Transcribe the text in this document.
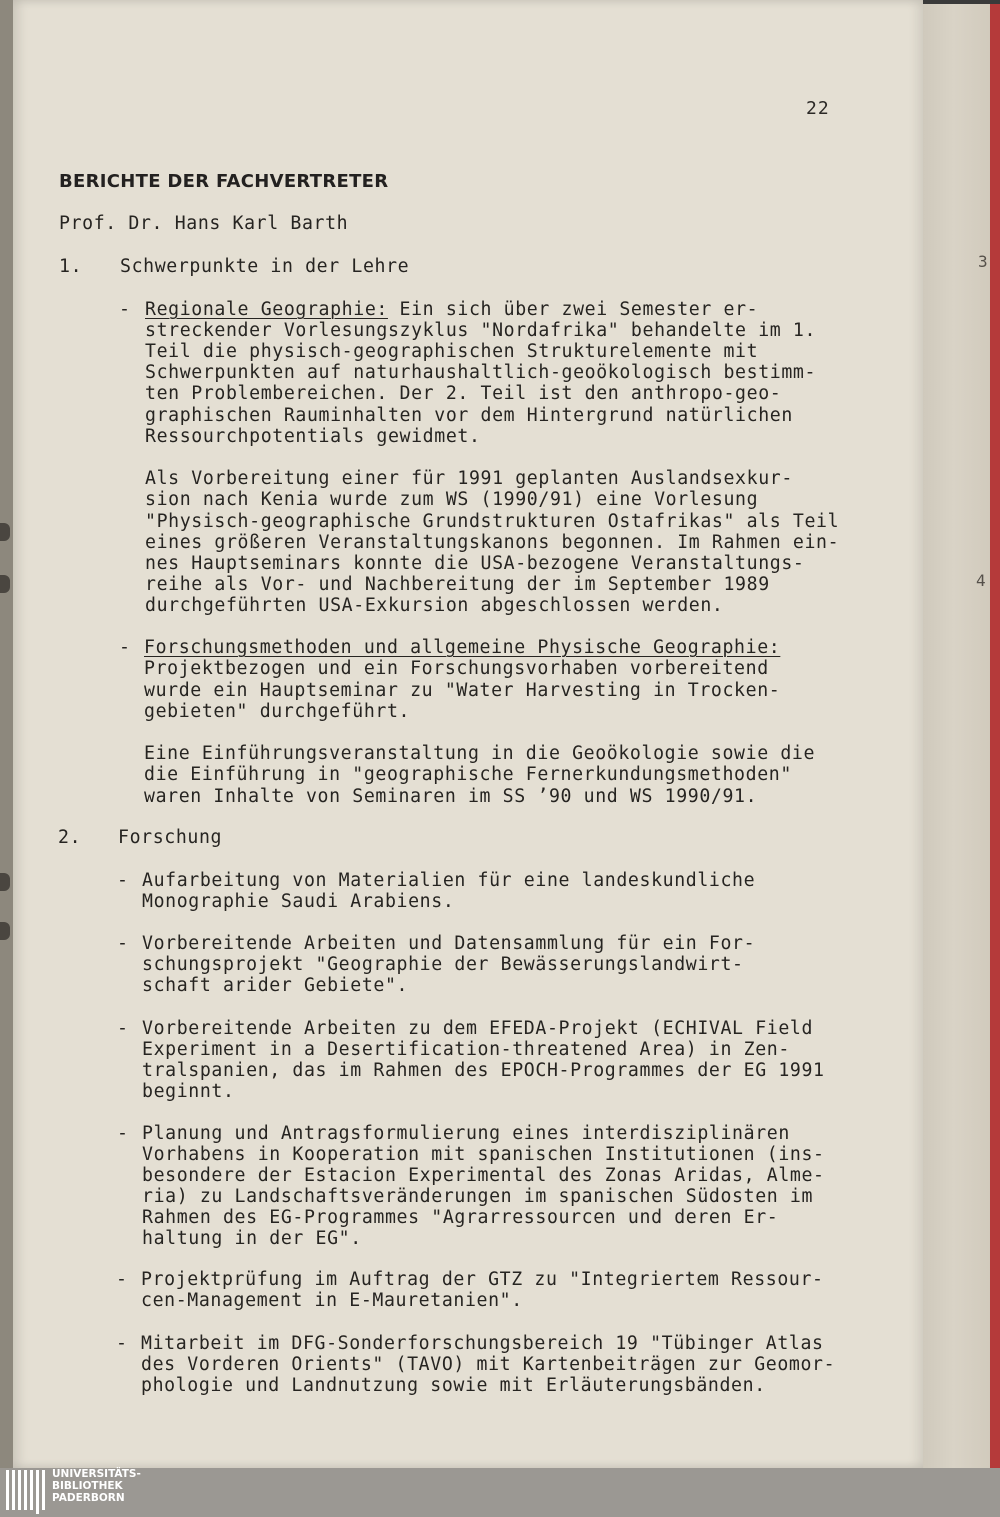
3
4
22
BERICHTE DER FACHVERTRETER
Prof. Dr. Hans Karl Barth
1. Schwerpunkte in der Lehre
- Regionale Geographie: Ein sich über zwei Semester er-
streckender Vorlesungszyklus "Nordafrika" behandelte im 1.
Teil die physisch-geographischen Strukturelemente mit
Schwerpunkten auf naturhaushaltlich-geoökologisch bestimm-
ten Problembereichen. Der 2. Teil ist den anthropo-geo-
graphischen Rauminhalten vor dem Hintergrund natürlichen
Ressourchpotentials gewidmet.
Als Vorbereitung einer für 1991 geplanten Auslandsexkur-
sion nach Kenia wurde zum WS (1990/91) eine Vorlesung
"Physisch-geographische Grundstrukturen Ostafrikas" als Teil
eines größeren Veranstaltungskanons begonnen. Im Rahmen ein-
nes Hauptseminars konnte die USA-bezogene Veranstaltungs-
reihe als Vor- und Nachbereitung der im September 1989
durchgeführten USA-Exkursion abgeschlossen werden.
- Forschungsmethoden und allgemeine Physische Geographie:
Projektbezogen und ein Forschungsvorhaben vorbereitend
wurde ein Hauptseminar zu "Water Harvesting in Trocken-
gebieten" durchgeführt.
Eine Einführungsveranstaltung in die Geoökologie sowie die
die Einführung in "geographische Fernerkundungsmethoden"
waren Inhalte von Seminaren im SS ’90 und WS 1990/91.
2. Forschung
- Aufarbeitung von Materialien für eine landeskundliche
Monographie Saudi Arabiens.
- Vorbereitende Arbeiten und Datensammlung für ein For-
schungsprojekt "Geographie der Bewässerungslandwirt-
schaft arider Gebiete".
- Vorbereitende Arbeiten zu dem EFEDA-Projekt (ECHIVAL Field
Experiment in a Desertification-threatened Area) in Zen-
tralspanien, das im Rahmen des EPOCH-Programmes der EG 1991
beginnt.
- Planung und Antragsformulierung eines interdisziplinären
Vorhabens in Kooperation mit spanischen Institutionen (ins-
besondere der Estacion Experimental des Zonas Aridas, Alme-
ria) zu Landschaftsveränderungen im spanischen Südosten im
Rahmen des EG-Programmes "Agrarressourcen und deren Er-
haltung in der EG".
- Projektprüfung im Auftrag der GTZ zu "Integriertem Ressour-
cen-Management in E-Mauretanien".
- Mitarbeit im DFG-Sonderforschungsbereich 19 "Tübinger Atlas
des Vorderen Orients" (TAVO) mit Kartenbeiträgen zur Geomor-
phologie und Landnutzung sowie mit Erläuterungsbänden.
UNIVERSITÄTS-
BIBLIOTHEK
PADERBORN
